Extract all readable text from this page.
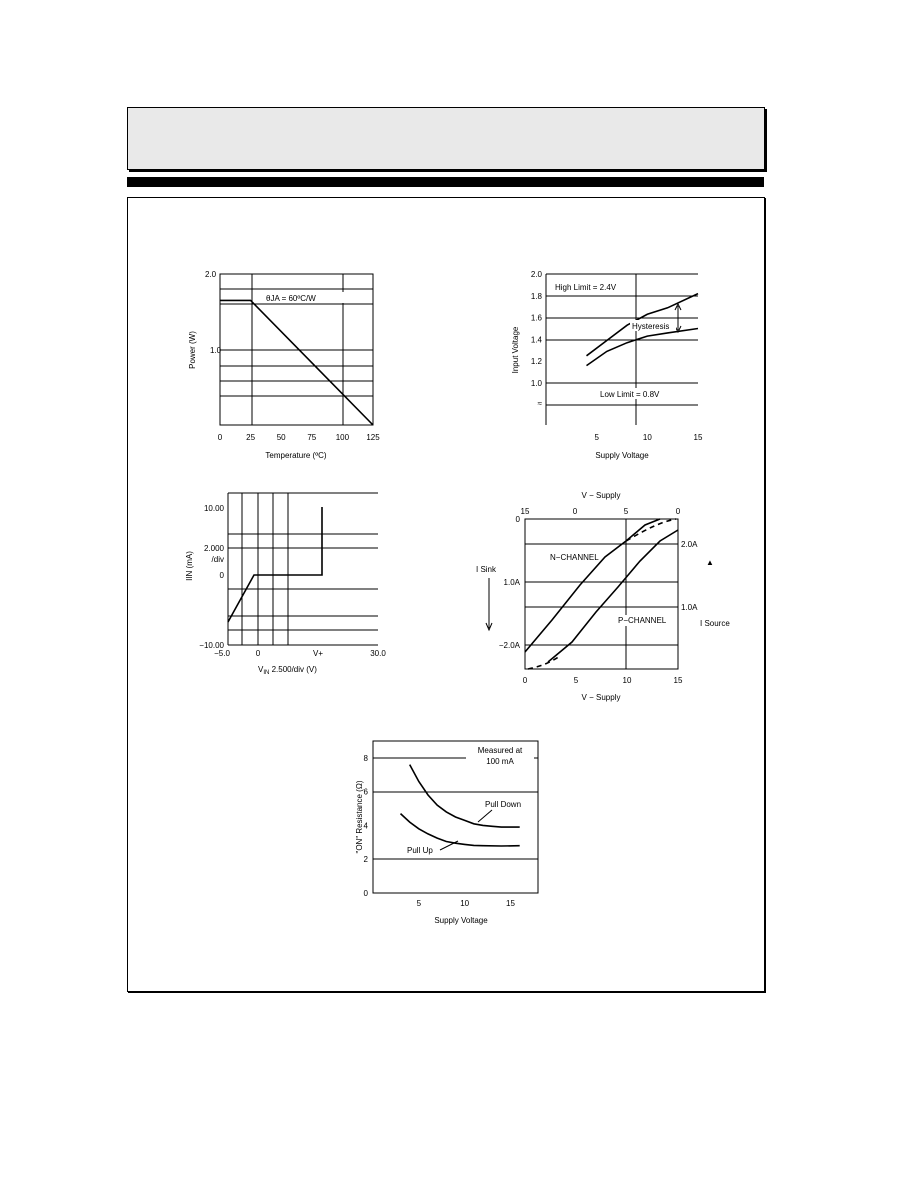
θJA = 60ºC/W
2.0
1.0
0	25	50	75 100 125
Temperature (ºC)
Power (W)
High Limit = 2.4V
Hysteresis
Low Limit = 0.8V
1.0
1.2
1.4
1.6
1.8
2.0
5	10	15
≈
Supply Voltage
Input Voltage
10.00
2.000
/div
0
−10.00
−5.0	0	V+	30.0
$V_{IN}$ 2.500/div (V)
IIN (mA)	N−CHANNEL
P−CHANNEL
0
1.0A
−2.0A
2.0A
1.0A
I Sink
I Source
▲
0	5	10	15
15	0	5	0
V − Supply
V − Supply
Measured at
100 mA
Pull Down
Pull Up
0
2
4
6
8
5	10	15
Supply Voltage
"ON" Resistance (Ω)
